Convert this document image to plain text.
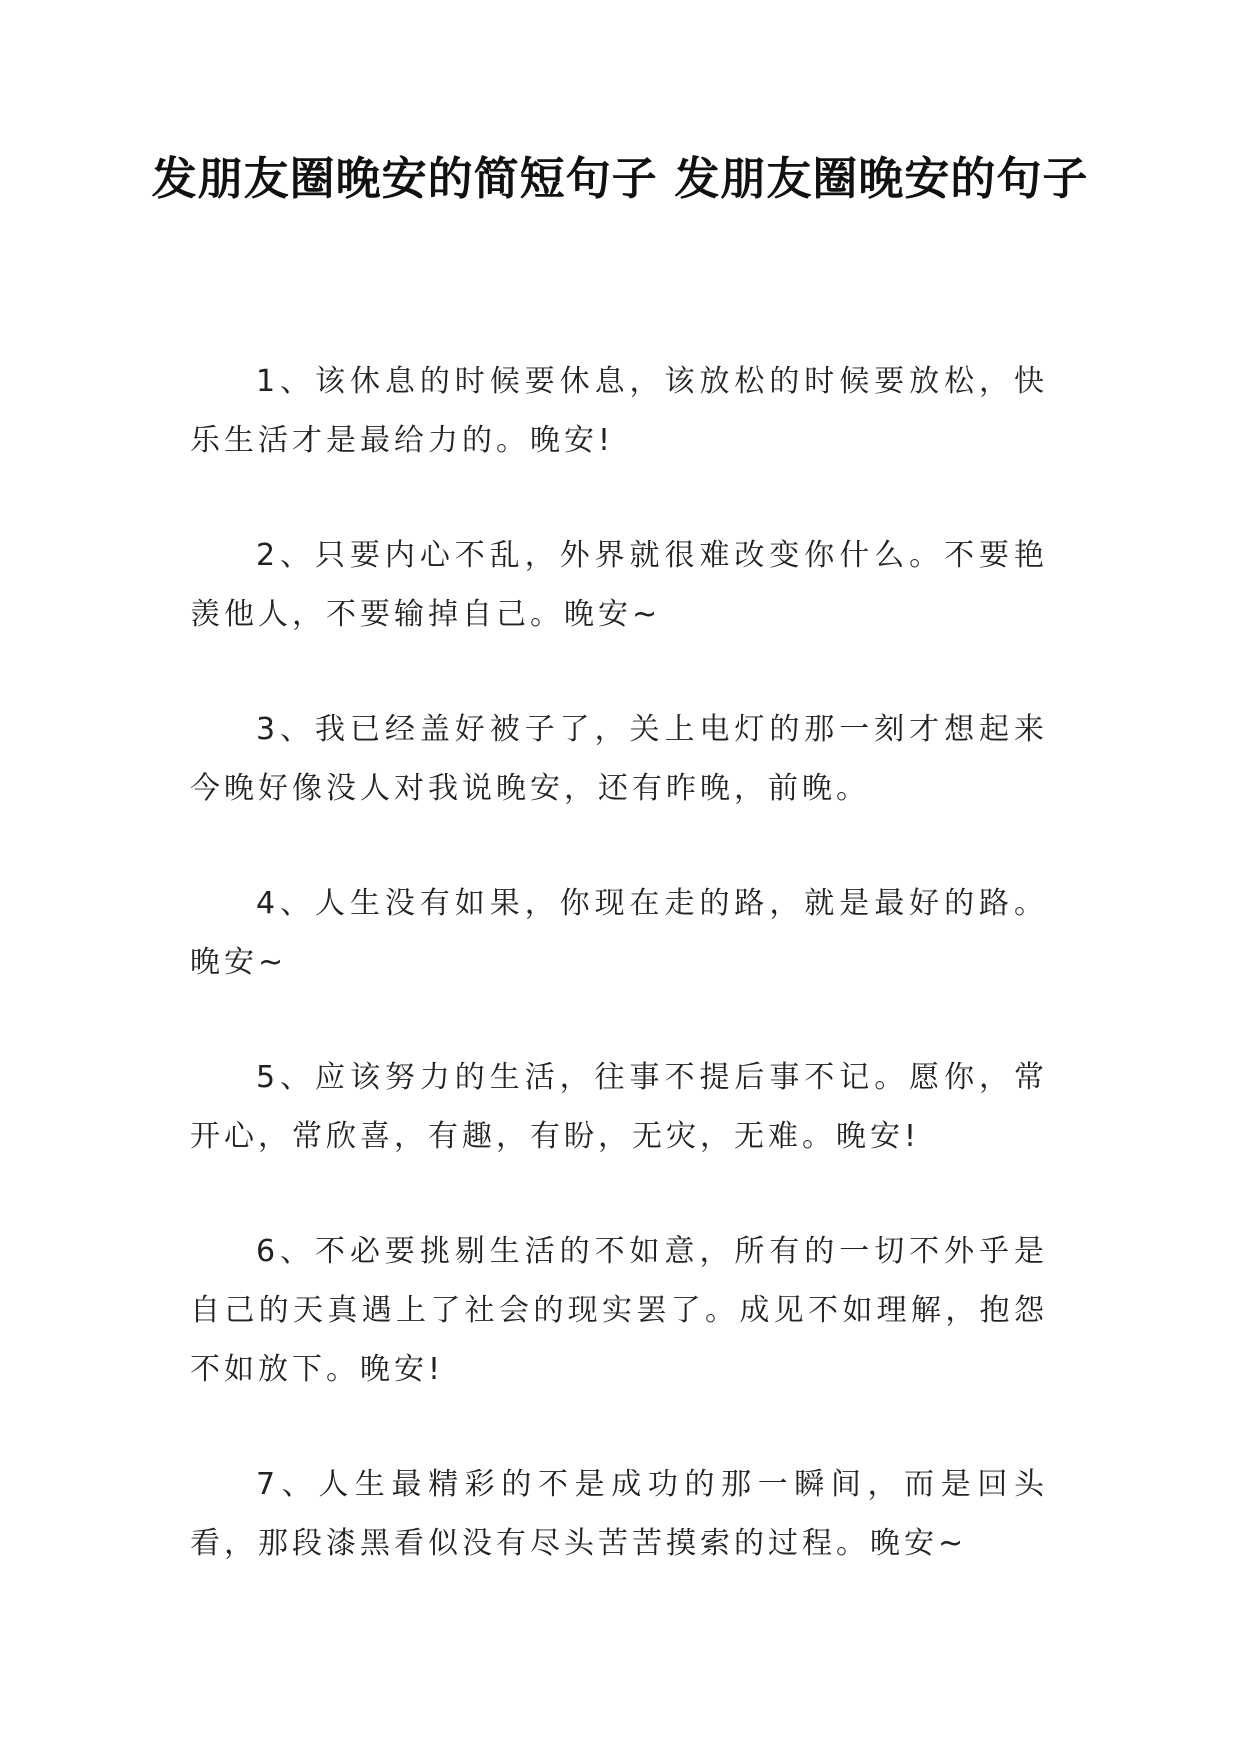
发朋友圈晚安的简短句子 发朋友圈晚安的句子

1、该休息的时候要休息，该放松的时候要放松，快乐生活才是最给力的。晚安!

2、只要内心不乱，外界就很难改变你什么。不要艳羡他人，不要输掉自己。晚安~

3、我已经盖好被子了，关上电灯的那一刻才想起来今晚好像没人对我说晚安，还有昨晚，前晚。

4、人生没有如果，你现在走的路，就是最好的路。晚安~

5、应该努力的生活，往事不提后事不记。愿你，常开心，常欣喜，有趣，有盼，无灾，无难。晚安!

6、不必要挑剔生活的不如意，所有的一切不外乎是自己的天真遇上了社会的现实罢了。成见不如理解，抱怨不如放下。晚安!

7、人生最精彩的不是成功的那一瞬间，而是回头看，那段漆黑看似没有尽头苦苦摸索的过程。晚安~
